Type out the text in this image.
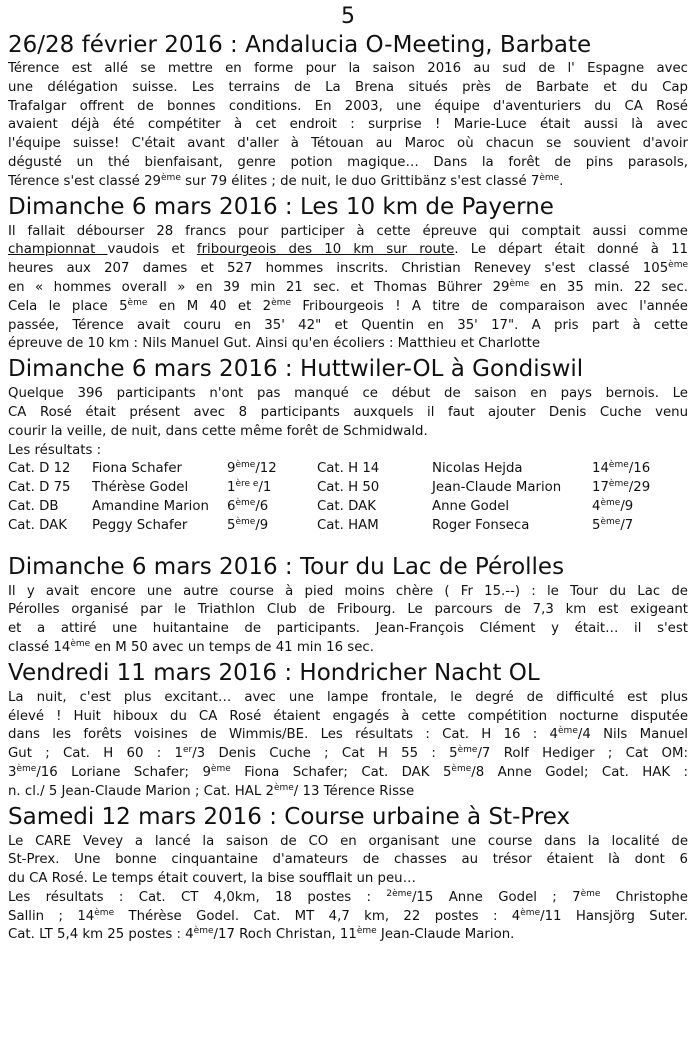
5
26/28 février 2016 : Andalucia O-Meeting, Barbate

Térence est allé se mettre en forme pour la saison 2016 au sud de l' Espagne avec
une délégation suisse. Les terrains de La Brena situés près de Barbate et du Cap
Trafalgar offrent de bonnes conditions. En 2003, une équipe d'aventuriers du CA Rosé
avaient déjà été compétiter à cet endroit : surprise ! Marie-Luce était aussi là avec
l'équipe suisse! C'était avant d'aller à Tétouan au Maroc où chacun se souvient d'avoir
dégusté un thé bienfaisant, genre potion magique… Dans la forêt de pins parasols,
Térence s'est classé 29ème sur 79 élites ; de nuit, le duo Grittibänz s'est classé 7ème.

Dimanche 6 mars 2016 : Les 10 km de Payerne

Il fallait débourser 28 francs pour participer à cette épreuve qui comptait aussi comme
championnat vaudois et fribourgeois des 10 km sur route. Le départ était donné à 11
heures aux 207 dames et 527 hommes inscrits. Christian Renevey s'est classé 105ème
en « hommes overall » en 39 min 21 sec. et Thomas Bührer 29ème en 35 min. 22 sec.
Cela le place 5ème en M 40 et 2ème Fribourgeois ! A titre de comparaison avec l'année
passée, Térence avait couru en 35' 42" et Quentin en 35' 17". A pris part à cette
épreuve de 10 km : Nils Manuel Gut. Ainsi qu'en écoliers : Matthieu et Charlotte

Dimanche 6 mars 2016 : Huttwiler-OL à Gondiswil

Quelque 396 participants n'ont pas manqué ce début de saison en pays bernois. Le
CA Rosé était présent avec 8 participants auxquels il faut ajouter Denis Cuche venu
courir la veille, de nuit, dans cette même forêt de Schmidwald.
Les résultats :

Cat. D 12	Fiona Schafer	9ème/12	Cat. H 14	Nicolas Hejda	14ème/16
Cat. D 75	Thérèse Godel	$1^{ère e}/1$	Cat. H 50	Jean-Claude Marion	17ème/29
Cat. DB	Amandine Marion	6ème/6	Cat. DAK	Anne Godel	4ème/9
Cat. DAK	Peggy Schafer	5ème/9	Cat. HAM	Roger Fonseca	5ème/7
Dimanche 6 mars 2016 : Tour du Lac de Pérolles

Il y avait encore une autre course à pied moins chère ( Fr 15.--) : le Tour du Lac de
Pérolles organisé par le Triathlon Club de Fribourg. Le parcours de 7,3 km est exigeant
et a attiré une huitantaine de participants. Jean-François Clément y était… il s'est
classé 14ème en M 50 avec un temps de 41 min 16 sec.

Vendredi 11 mars 2016 : Hondricher Nacht OL

La nuit, c'est plus excitant… avec une lampe frontale, le degré de difficulté est plus
élevé ! Huit hiboux du CA Rosé étaient engagés à cette compétition nocturne disputée
dans les forêts voisines de Wimmis/BE. Les résultats : Cat. H 16 : 4ème/4 Nils Manuel
Gut ; Cat. H 60 : 1er/3 Denis Cuche ; Cat H 55 : 5ème/7 Rolf Hediger ; Cat OM:
3ème/16 Loriane Schafer; 9ème Fiona Schafer; Cat. DAK 5ème/8 Anne Godel; Cat. HAK :
n. cl./ 5 Jean-Claude Marion ; Cat. HAL 2ème/ 13 Térence Risse

Samedi 12 mars 2016 : Course urbaine à St-Prex

Le CARE Vevey a lancé la saison de CO en organisant une course dans la localité de
St-Prex. Une bonne cinquantaine d'amateurs de chasses au trésor étaient là dont 6
du CA Rosé. Le temps était couvert, la bise soufflait un peu…
Les résultats : Cat. CT 4,0km, 18 postes : $^{2ème}$/15 Anne Godel ; 7ème Christophe
Sallin ; 14ème Thérèse Godel. Cat. MT 4,7 km, 22 postes : 4ème/11 Hansjörg Suter.
Cat. LT 5,4 km 25 postes : 4ème/17 Roch Christan, 11ème Jean-Claude Marion.
